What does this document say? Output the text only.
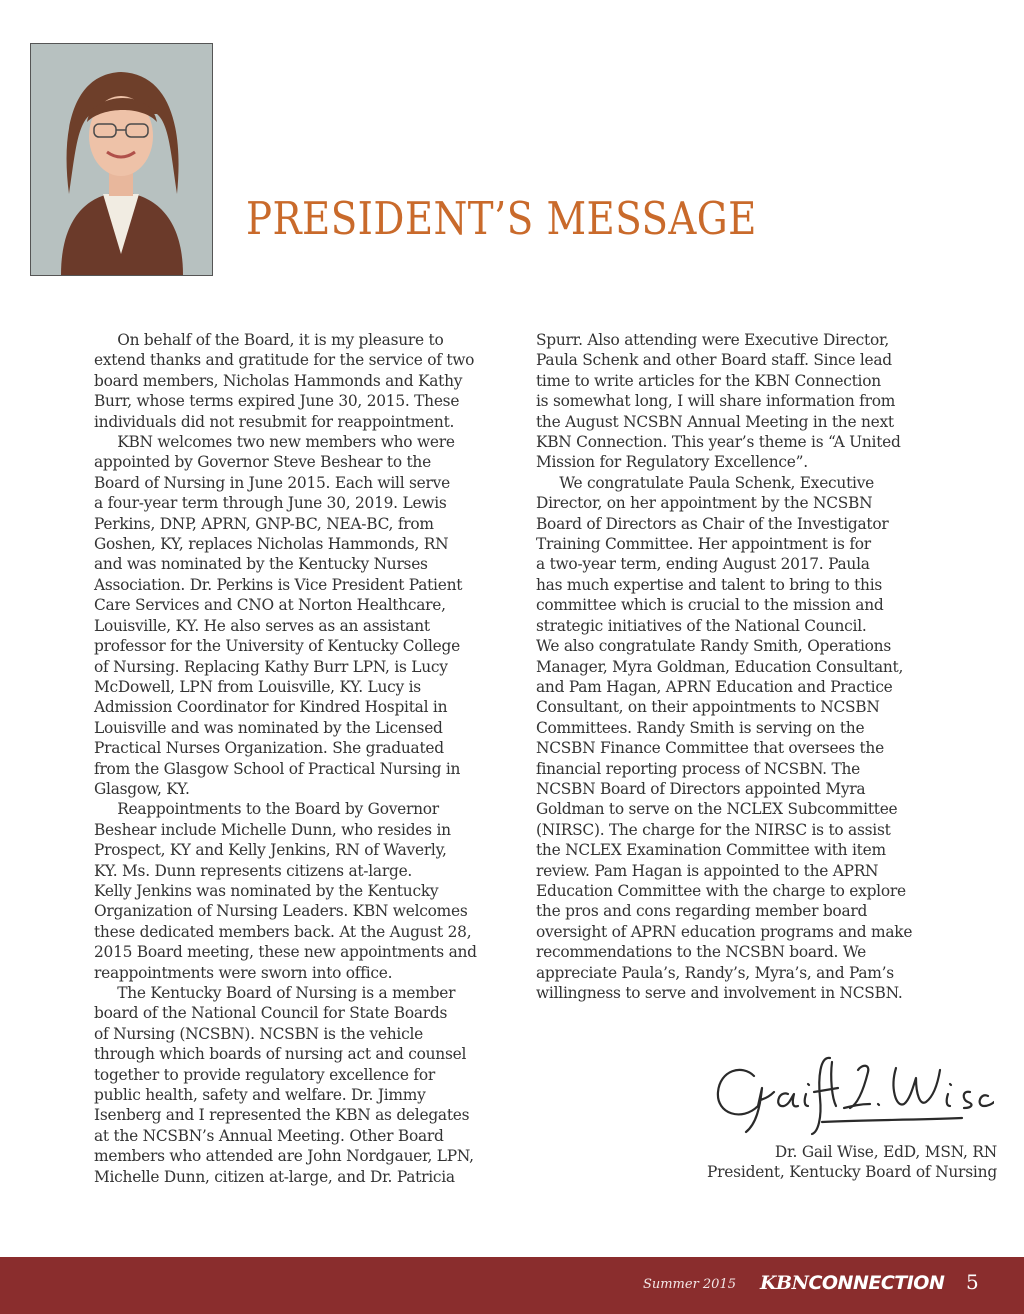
PRESIDENT’S MESSAGE

On behalf of the Board, it is my pleasure to

extend thanks and gratitude for the service of two

board members, Nicholas Hammonds and Kathy

Burr, whose terms expired June 30, 2015. These

individuals did not resubmit for reappointment.

KBN welcomes two new members who were

appointed by Governor Steve Beshear to the

Board of Nursing in June 2015. Each will serve

a four-year term through June 30, 2019. Lewis

Perkins, DNP, APRN, GNP-BC, NEA-BC, from

Goshen, KY, replaces Nicholas Hammonds, RN

and was nominated by the Kentucky Nurses

Association. Dr. Perkins is Vice President Patient

Care Services and CNO at Norton Healthcare,

Louisville, KY. He also serves as an assistant

professor for the University of Kentucky College

of Nursing. Replacing Kathy Burr LPN, is Lucy

McDowell, LPN from Louisville, KY. Lucy is

Admission Coordinator for Kindred Hospital in

Louisville and was nominated by the Licensed

Practical Nurses Organization. She graduated

from the Glasgow School of Practical Nursing in

Glasgow, KY.

Reappointments to the Board by Governor

Beshear include Michelle Dunn, who resides in

Prospect, KY and Kelly Jenkins, RN of Waverly,

KY. Ms. Dunn represents citizens at-large.

Kelly Jenkins was nominated by the Kentucky

Organization of Nursing Leaders. KBN welcomes

these dedicated members back. At the August 28,

2015 Board meeting, these new appointments and

reappointments were sworn into office.

The Kentucky Board of Nursing is a member

board of the National Council for State Boards

of Nursing (NCSBN). NCSBN is the vehicle

through which boards of nursing act and counsel

together to provide regulatory excellence for

public health, safety and welfare. Dr. Jimmy

Isenberg and I represented the KBN as delegates

at the NCSBN’s Annual Meeting. Other Board

members who attended are John Nordgauer, LPN,

Michelle Dunn, citizen at-large, and Dr. Patricia

Spurr. Also attending were Executive Director,

Paula Schenk and other Board staff. Since lead

time to write articles for the KBN Connection

is somewhat long, I will share information from

the August NCSBN Annual Meeting in the next

KBN Connection. This year’s theme is “A United

Mission for Regulatory Excellence”.

We congratulate Paula Schenk, Executive

Director, on her appointment by the NCSBN

Board of Directors as Chair of the Investigator

Training Committee. Her appointment is for

a two-year term, ending August 2017. Paula

has much expertise and talent to bring to this

committee which is crucial to the mission and

strategic initiatives of the National Council.

We also congratulate Randy Smith, Operations

Manager, Myra Goldman, Education Consultant,

and Pam Hagan, APRN Education and Practice

Consultant, on their appointments to NCSBN

Committees. Randy Smith is serving on the

NCSBN Finance Committee that oversees the

financial reporting process of NCSBN. The

NCSBN Board of Directors appointed Myra

Goldman to serve on the NCLEX Subcommittee

(NIRSC). The charge for the NIRSC is to assist

the NCLEX Examination Committee with item

review. Pam Hagan is appointed to the APRN

Education Committee with the charge to explore

the pros and cons regarding member board

oversight of APRN education programs and make

recommendations to the NCSBN board. We

appreciate Paula’s, Randy’s, Myra’s, and Pam’s

willingness to serve and involvement in NCSBN.

Dr. Gail Wise, EdD, MSN, RN
President, Kentucky Board of Nursing
Summer 2015 KBNCONNECTION 5
